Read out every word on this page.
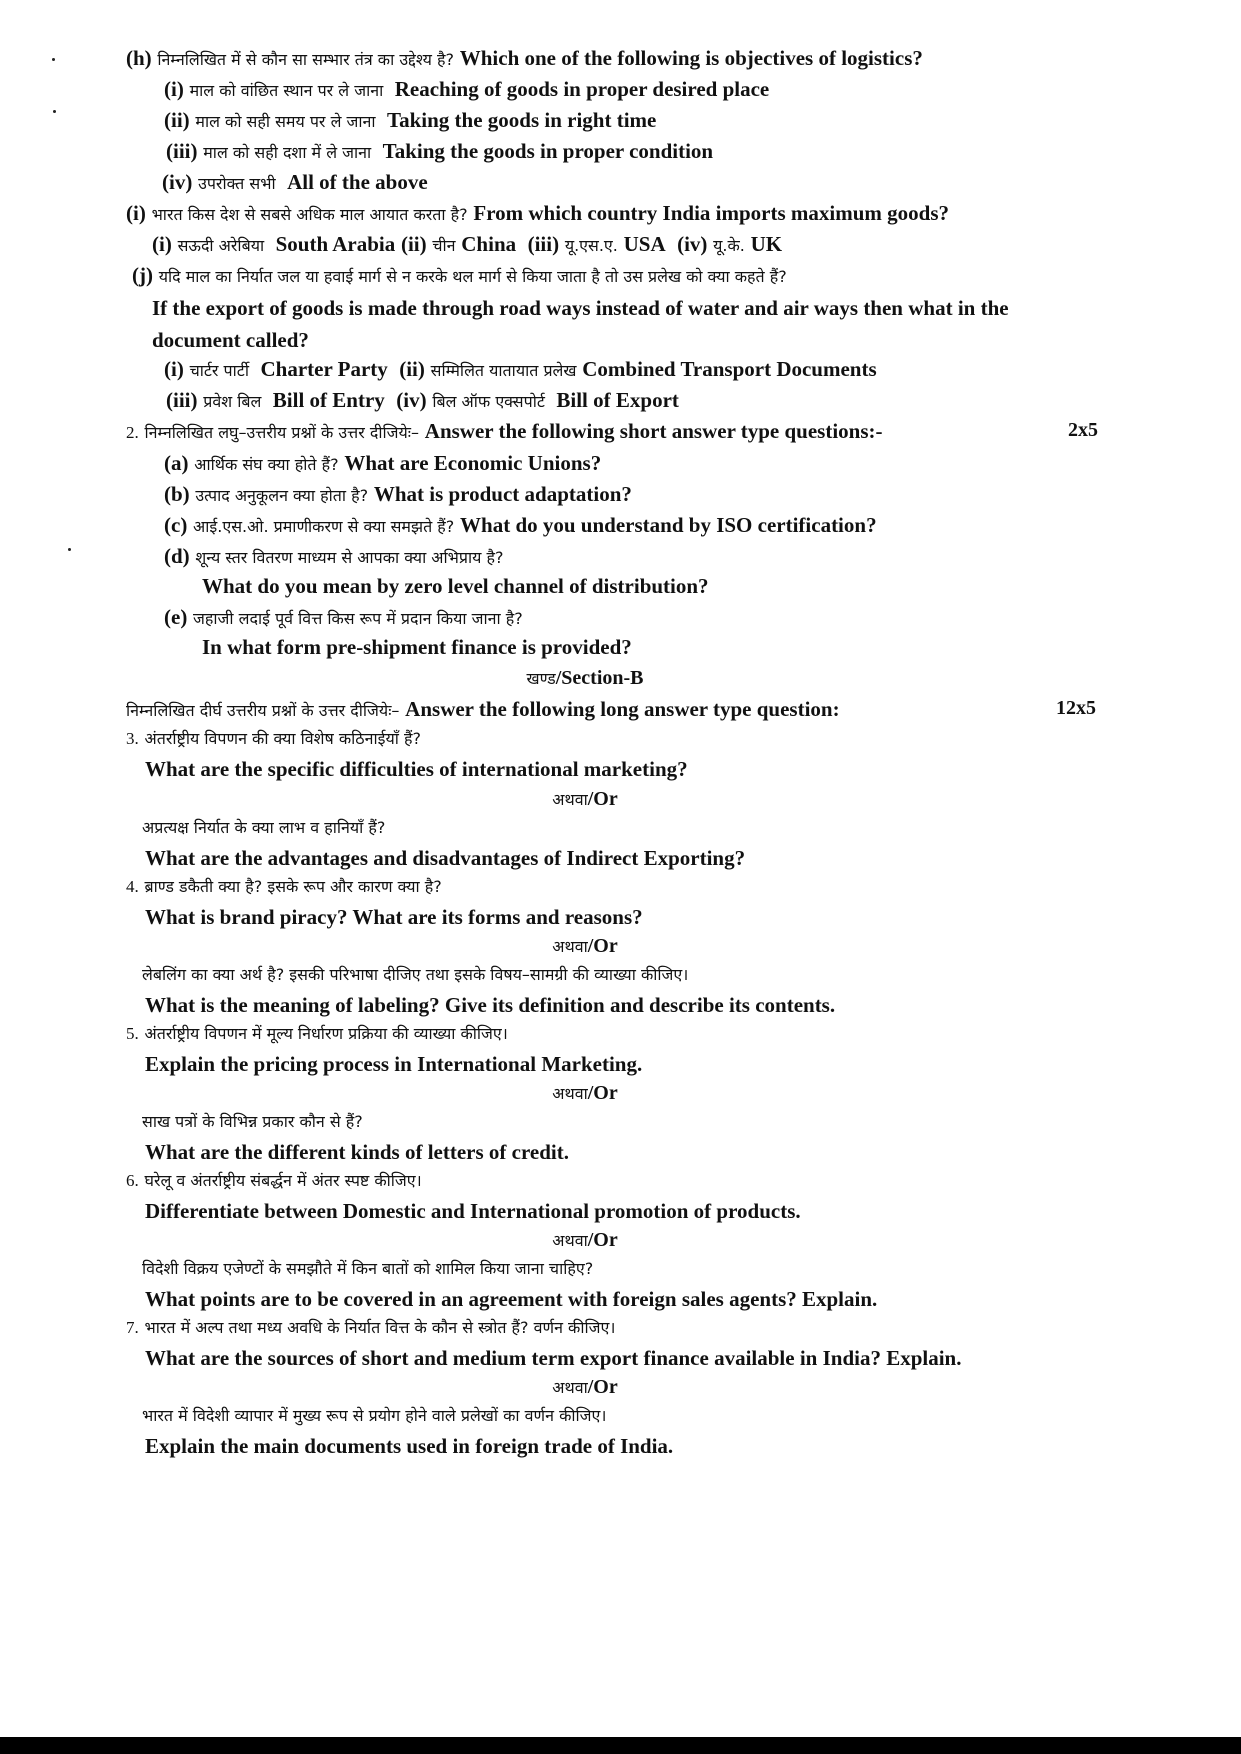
(h) निम्नलिखित में से कौन सा सम्भार तंत्र का उद्देश्य है? Which one of the following is objectives of logistics?
(i) माल को वांछित स्थान पर ले जाना Reaching of goods in proper desired place
(ii) माल को सही समय पर ले जाना Taking the goods in right time
(iii) माल को सही दशा में ले जाना Taking the goods in proper condition
(iv) उपरोक्त सभी All of the above
(i) भारत किस देश से सबसे अधिक माल आयात करता है? From which country India imports maximum goods?
(i) सऊदी अरेबिया South Arabia (ii) चीन China (iii) यू.एस.ए. USA (iv) यू.के. UK
(j) यदि माल का निर्यात जल या हवाई मार्ग से न करके थल मार्ग से किया जाता है तो उस प्रलेख को क्या कहते हैं?
If the export of goods is made through road ways instead of water and air ways then what in the
document called?
(i) चार्टर पार्टी Charter Party (ii) सम्मिलित यातायात प्रलेख Combined Transport Documents
(iii) प्रवेश बिल Bill of Entry (iv) बिल ऑफ एक्सपोर्ट Bill of Export
2. निम्नलिखित लघु–उत्तरीय प्रश्नों के उत्तर दीजियेः– Answer the following short answer type questions:-	2x5
(a) आर्थिक संघ क्या होते हैं? What are Economic Unions?
(b) उत्पाद अनुकूलन क्या होता है? What is product adaptation?
(c) आई.एस.ओ. प्रमाणीकरण से क्या समझते हैं? What do you understand by ISO certification?
(d) शून्य स्तर वितरण माध्यम से आपका क्या अभिप्राय है?
What do you mean by zero level channel of distribution?
(e) जहाजी लदाई पूर्व वित्त किस रूप में प्रदान किया जाना है?
In what form pre-shipment finance is provided?
खण्ड/Section-B
निम्नलिखित दीर्घ उत्तरीय प्रश्नों के उत्तर दीजियेः– Answer the following long answer type question:	12x5
3. अंतर्राष्ट्रीय विपणन की क्या विशेष कठिनाईयाँ हैं?
What are the specific difficulties of international marketing?
अथवा/Or
अप्रत्यक्ष निर्यात के क्या लाभ व हानियाँ हैं?
What are the advantages and disadvantages of Indirect Exporting?
4. ब्राण्ड डकैती क्या है? इसके रूप और कारण क्या है?
What is brand piracy? What are its forms and reasons?
अथवा/Or
लेबलिंग का क्या अर्थ है? इसकी परिभाषा दीजिए तथा इसके विषय–सामग्री की व्याख्या कीजिए।
What is the meaning of labeling? Give its definition and describe its contents.
5. अंतर्राष्ट्रीय विपणन में मूल्य निर्धारण प्रक्रिया की व्याख्या कीजिए।
Explain the pricing process in International Marketing.
अथवा/Or
साख पत्रों के विभिन्न प्रकार कौन से हैं?
What are the different kinds of letters of credit.
6. घरेलू व अंतर्राष्ट्रीय संबर्द्धन में अंतर स्पष्ट कीजिए।
Differentiate between Domestic and International promotion of products.
अथवा/Or
विदेशी विक्रय एजेण्टों के समझौते में किन बातों को शामिल किया जाना चाहिए?
What points are to be covered in an agreement with foreign sales agents? Explain.
7. भारत में अल्प तथा मध्य अवधि के निर्यात वित्त के कौन से स्त्रोत हैं? वर्णन कीजिए।
What are the sources of short and medium term export finance available in India? Explain.
अथवा/Or
भारत में विदेशी व्यापार में मुख्य रूप से प्रयोग होने वाले प्रलेखों का वर्णन कीजिए।
Explain the main documents used in foreign trade of India.
